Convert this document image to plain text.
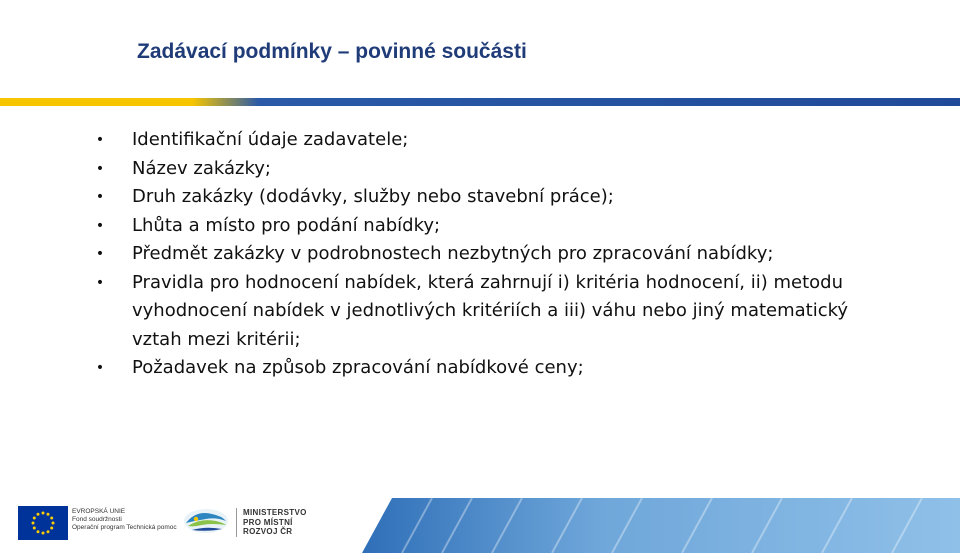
Zadávací podmínky – povinné součásti
•	Identifikační údaje zadavatele;
•	Název zakázky;
•	Druh zakázky (dodávky, služby nebo stavební práce);
•	Lhůta a místo pro podání nabídky;
•	Předmět zakázky v podrobnostech nezbytných pro zpracování nabídky;
•	Pravidla pro hodnocení nabídek, která zahrnují i) kritéria hodnocení, ii) metodu vyhodnocení nabídek v jednotlivých kritériích a iii) váhu nebo jiný matematický vztah mezi kritérii;
•	Požadavek na způsob zpracování nabídkové ceny;
EVROPSKÁ UNIE
Fond soudržnosti
Operační program Technická pomoc
MINISTERSTVO
PRO MÍSTNÍ
ROZVOJ ČR
